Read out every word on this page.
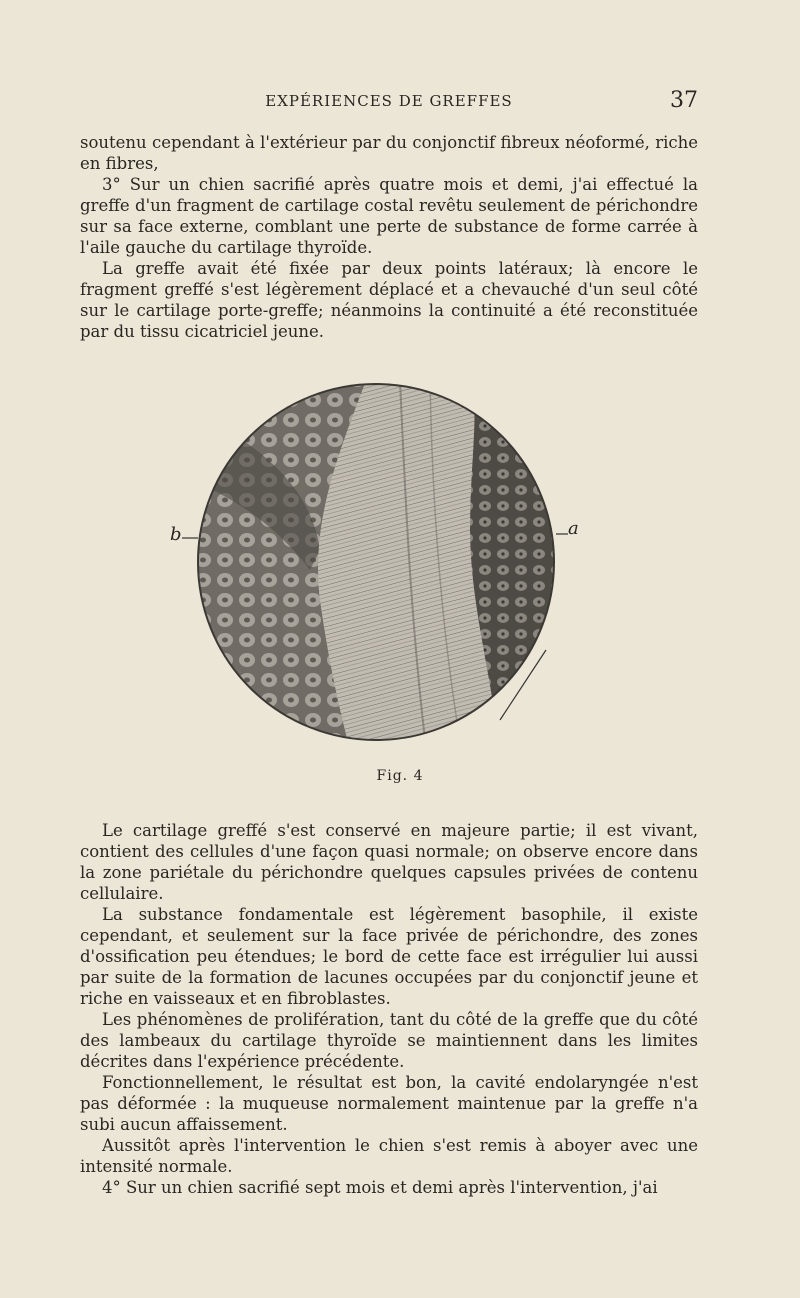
EXPÉRIENCES DE GREFFES	37

soutenu cependant à l'extérieur par du conjonctif fibreux néoformé, riche en fibres,

3° Sur un chien sacrifié après quatre mois et demi, j'ai effectué la greffe d'un fragment de cartilage costal revêtu seulement de périchondre sur sa face externe, comblant une perte de substance de forme carrée à l'aile gauche du cartilage thyroïde.

La greffe avait été fixée par deux points latéraux; là encore le fragment greffé s'est légèrement déplacé et a chevauché d'un seul côté sur le cartilage porte-greffe; néanmoins la continuité a été reconstituée par du tissu cicatriciel jeune.

b	a
Fig. 4

Le cartilage greffé s'est conservé en majeure partie; il est vivant, contient des cellules d'une façon quasi normale; on observe encore dans la zone pariétale du périchondre quelques capsules privées de contenu cellulaire.

La substance fondamentale est légèrement basophile, il existe cependant, et seulement sur la face privée de périchondre, des zones d'ossification peu étendues; le bord de cette face est irrégulier lui aussi par suite de la formation de lacunes occupées par du conjonctif jeune et riche en vaisseaux et en fibroblastes.

Les phénomènes de prolifération, tant du côté de la greffe que du côté des lambeaux du cartilage thyroïde se maintiennent dans les limites décrites dans l'expérience précédente.

Fonctionnellement, le résultat est bon, la cavité endolaryngée n'est pas déformée : la muqueuse normalement maintenue par la greffe n'a subi aucun affaissement.

Aussitôt après l'intervention le chien s'est remis à aboyer avec une intensité normale.

4° Sur un chien sacrifié sept mois et demi après l'intervention, j'ai
